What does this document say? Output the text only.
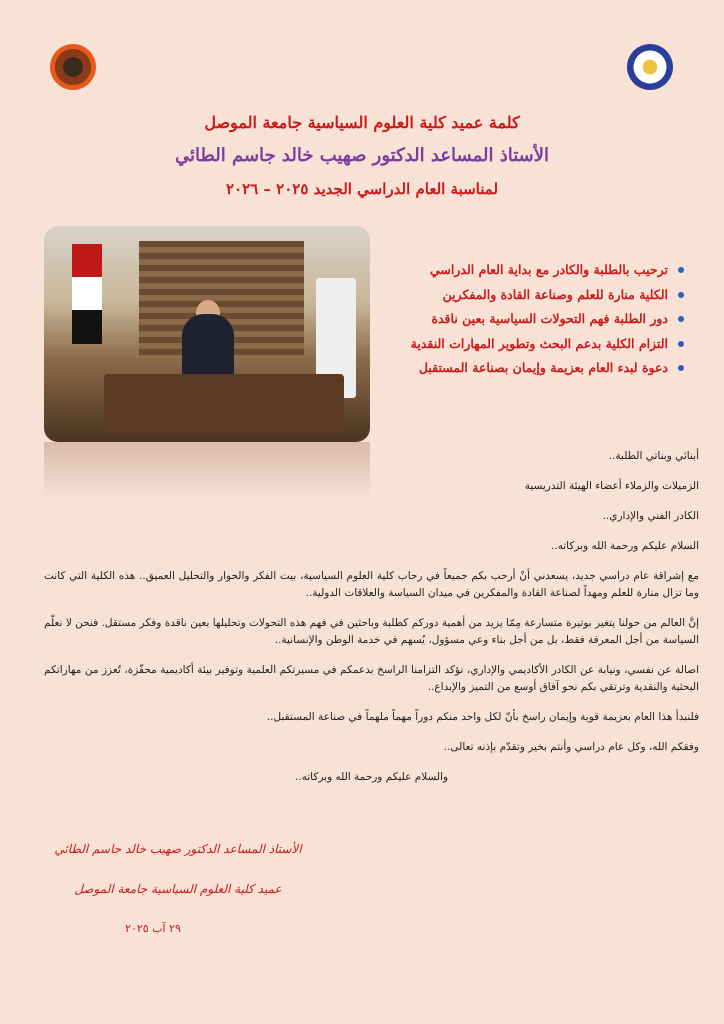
كلمة عميد كلية العلوم السياسية جامعة الموصل
الأستاذ المساعد الدكتور صهيب خالد جاسم الطائي
لمناسبة العام الدراسي الجديد ٢٠٢٥ – ٢٠٢٦
ترحيب بالطلبة والكادر مع بداية العام الدراسي
الكلية منارة للعلم وصناعة القادة والمفكرين
دور الطلبة فهم التحولات السياسية بعين ناقدة
التزام الكلية بدعم البحث وتطوير المهارات النقدية
دعوة لبدء العام بعزيمة وإيمان بصناعة المستقبل

أبنائي وبناتي الطلبة..

الزميلات والزملاء أعضاء الهيئة التدريسية

الكادر الفني والإداري..

السلام عليكم ورحمة الله وبركاته..

مع إشراقة عام دراسي جديد، يسعدني أنْ أرحب بكم جميعاً في رحاب كلية العلوم السياسية، بيت الفكر والحوار والتحليل العميق.. هذه الكلية التي كانت وما تزال منارة للعلم ومهداً لصناعة القادة والمفكرين في ميدان السياسة والعلاقات الدولية..

إنَّ العالم من حولنا يتغير بوتيرة متسارعة مِمّا يزيد من أهمية دوركم كطلبة وباحثين في فهم هذه التحولات وتحليلها بعين ناقدة وفكر مستقل. فنحن لا نعلّم السياسة من أجل المعرفة فقط، بل من أجل بناء وعي مسؤول، يُسهم في خدمة الوطن والإنسانية..

اصالة عن نفسي، ونيابة عن الكادر الأكاديمي والإداري، نؤكد التزامنا الراسخ بدعمكم في مسيرتكم العلمية وتوفير بيئة أكاديمية محفّزة، تُعزز من مهاراتكم البحثية والنقدية وترتقي بكم نحو آفاق أوسع من التميز والإبداع..

فلنبدأ هذا العام بعزيمة قوية وإيمان راسخ بأنّ لكل واحد منكم دوراً مهماً ملهماً في صناعة المستقبل..

وفقكم الله، وكل عام دراسي وأنتم بخير وتقدّم بإذنه تعالى..

والسلام عليكم ورحمة الله وبركاته..

الأستاذ المساعد الدكتور صهيب خالد جاسم الطائي
عميد كلية العلوم السياسية جامعة الموصل
٢٩ آب ٢٠٢٥
